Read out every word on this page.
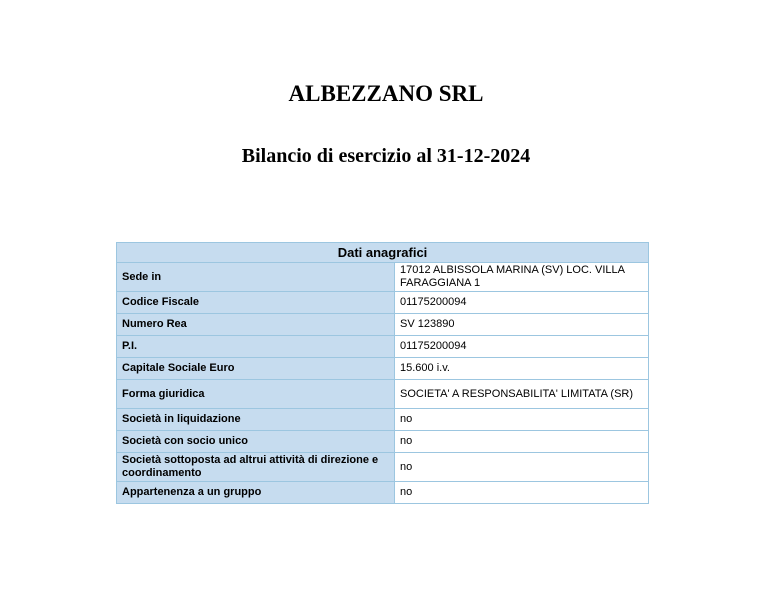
ALBEZZANO SRL
Bilancio di esercizio al 31-12-2024
Dati anagrafici	
Sede in	17012 ALBISSOLA MARINA (SV) LOC. VILLA FARAGGIANA 1
Codice Fiscale	01175200094
Numero Rea	SV 123890
P.I.	01175200094
Capitale Sociale Euro	15.600 i.v.
Forma giuridica	SOCIETA' A RESPONSABILITA' LIMITATA (SR)
Società in liquidazione	no
Società con socio unico	no
Società sottoposta ad altrui attività di direzione e coordinamento	no
Appartenenza a un gruppo	no
